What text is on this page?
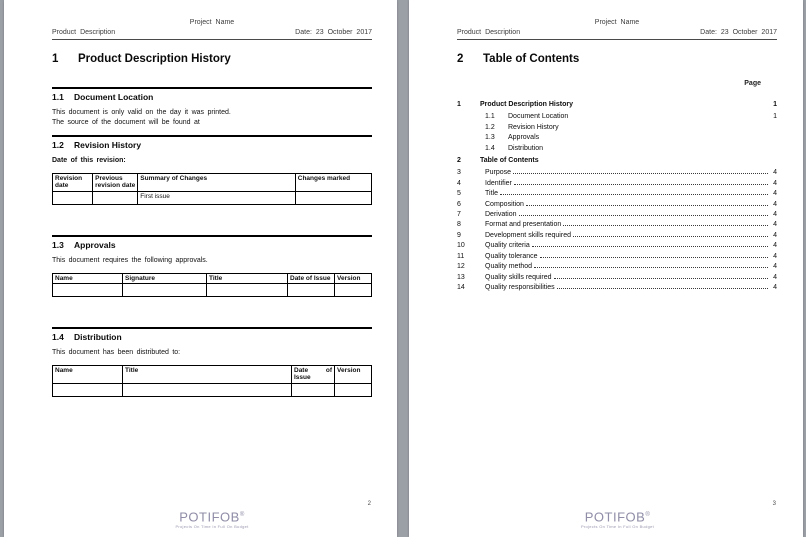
Project Name
Product Description	Date: 23 October 2017
1	Product Description History
1.1	Document Location

This document is only valid on the day it was printed.

The source of the document will be found at

1.2	Revision History

Date of this revision:

Revision date	Previous revision date	Summary of Changes	Changes marked
		First issue	
1.3	Approvals

This document requires the following approvals.

Name	Signature	Title	Date of Issue	Version

1.4	Distribution

This document has been distributed to:

Name	Title	Date of Issue	Version

2
POTIFOB®
Projects On Time In Full On Budget
Project Name
Product Description	Date: 23 October 2017
2	Table of Contents
Page
1	Product Description History	1
1.1	Document Location	1
1.2	Revision History
1.3	Approvals
1.4	Distribution
2	Table of Contents
3	Purpose	4
4	Identifier	4
5	Title	4
6	Composition	4
7	Derivation	4
8	Format and presentation	4
9	Development skills required	4
10	Quality criteria	4
11	Quality tolerance	4
12	Quality method	4
13	Quality skills required	4
14	Quality responsibilities	4
3
POTIFOB®
Projects On Time In Full On Budget
